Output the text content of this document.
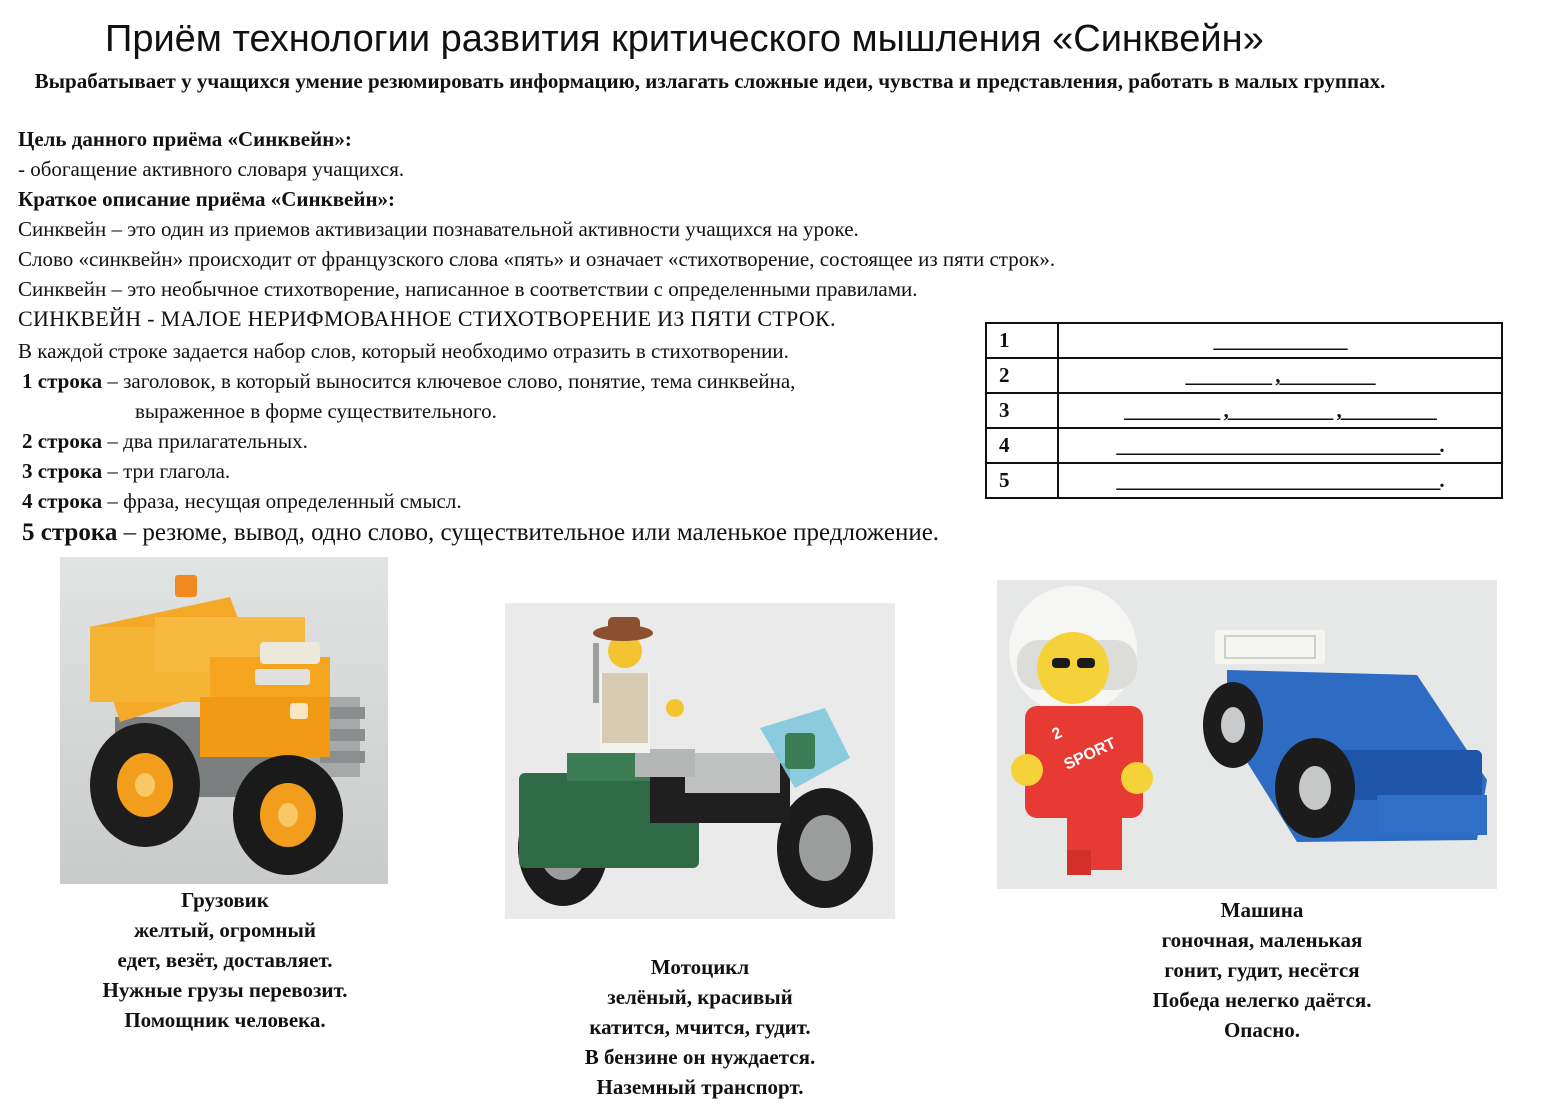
Приём технологии развития критического мышления «Синквейн»
Вырабатывает у учащихся умение резюмировать информацию, излагать сложные идеи, чувства и представления, работать в малых группах.
Цель данного приёма «Синквейн»:
- обогащение активного словаря учащихся.
Краткое описание приёма «Синквейн»:
Синквейн – это один из приемов активизации познавательной активности учащихся на уроке.
Слово «синквейн» происходит от французского слова «пять» и означает «стихотворение, состоящее из пяти строк».
Синквейн – это необычное стихотворение, написанное в соответствии с определенными правилами.
СИНКВЕЙН - МАЛОЕ НЕРИФМОВАННОЕ СТИХОТВОРЕНИЕ ИЗ ПЯТИ СТРОК.
В каждой строке задается набор слов, который необходимо отразить в стихотворении.
1 строка – заголовок, в который выносится ключевое слово, понятие, тема синквейна,
выраженное в форме существительного.
2 строка – два прилагательных.
3 строка – три глагола.
4 строка – фраза, несущая определенный смысл.
5 строка – резюме, вывод, одно слово, существительное или маленькое предложение.
1	______________
2	_________ ,__________
3	__________ ,___________ ,__________
4	__________________________________.
5	__________________________________.
2
SPORT
Грузовик
желтый, огромный
едет, везёт, доставляет.
Нужные грузы перевозит.
Помощник человека.
Мотоцикл
зелёный, красивый
катится, мчится, гудит.
В бензине он нуждается.
Наземный транспорт.
Машина
гоночная, маленькая
гонит, гудит, несётся
Победа нелегко даётся.
Опасно.
